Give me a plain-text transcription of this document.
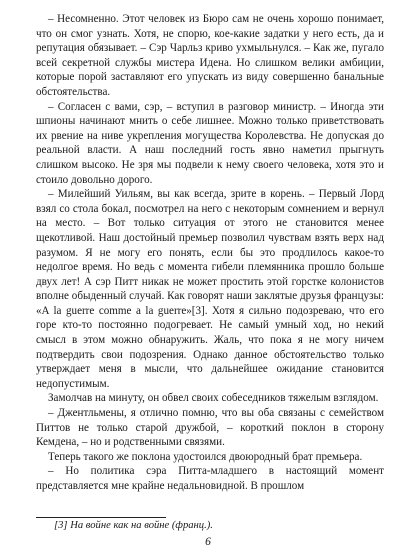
– Несомненно. Этот человек из Бюро сам не очень хорошо понимает, что он смог узнать. Хотя, не спорю, кое-какие задатки у него есть, да и репутация обязывает. – Сэр Чарльз криво ухмыльнулся. – Как же, пугало всей секретной службы мистера Идена. Но слишком велики амбиции, которые порой заставляют его упускать из виду совершенно банальные обстоятельства.

– Согласен с вами, сэр, – вступил в разговор министр. – Иногда эти шпионы начинают мнить о себе лишнее. Можно только приветствовать их рвение на ниве укрепления могущества Королевства. Не допуская до реальной власти. А наш последний гость явно наметил прыгнуть слишком высоко. Не зря мы подвели к нему своего человека, хотя это и стоило довольно дорого.

– Милейший Уильям, вы как всегда, зрите в корень. – Первый Лорд взял со стола бокал, посмотрел на него с некоторым сомнением и вернул на место. – Вот только ситуация от этого не становится менее щекотливой. Наш достойный премьер позволил чувствам взять верх над разумом. Я не могу его понять, если бы это продлилось какое-то недолгое время. Но ведь с момента гибели племянника прошло больше двух лет! А сэр Питт никак не может простить этой горстке колонистов вполне обыденный случай. Как говорят наши заклятые друзья французы: «A la guerre comme a la guerre»[3]. Хотя я сильно подозреваю, что его горе кто-то постоянно подогревает. Не самый умный ход, но некий смысл в этом можно обнаружить. Жаль, что пока я не могу ничем подтвердить свои подозрения. Однако данное обстоятельство только утверждает меня в мысли, что дальнейшее ожидание становится недопустимым.

Замолчав на минуту, он обвел своих собеседников тяжелым взглядом.

– Джентльмены, я отлично помню, что вы оба связаны с семейством Питтов не только старой дружбой, – короткий поклон в сторону Кемдена, – но и родственными связями.

Теперь такого же поклона удостоился двоюродный брат премьера.

– Но политика сэра Питта-младшего в настоящий момент представляется мне крайне недальновидной. В прошлом

[3] На войне как на войне (франц.).

6
